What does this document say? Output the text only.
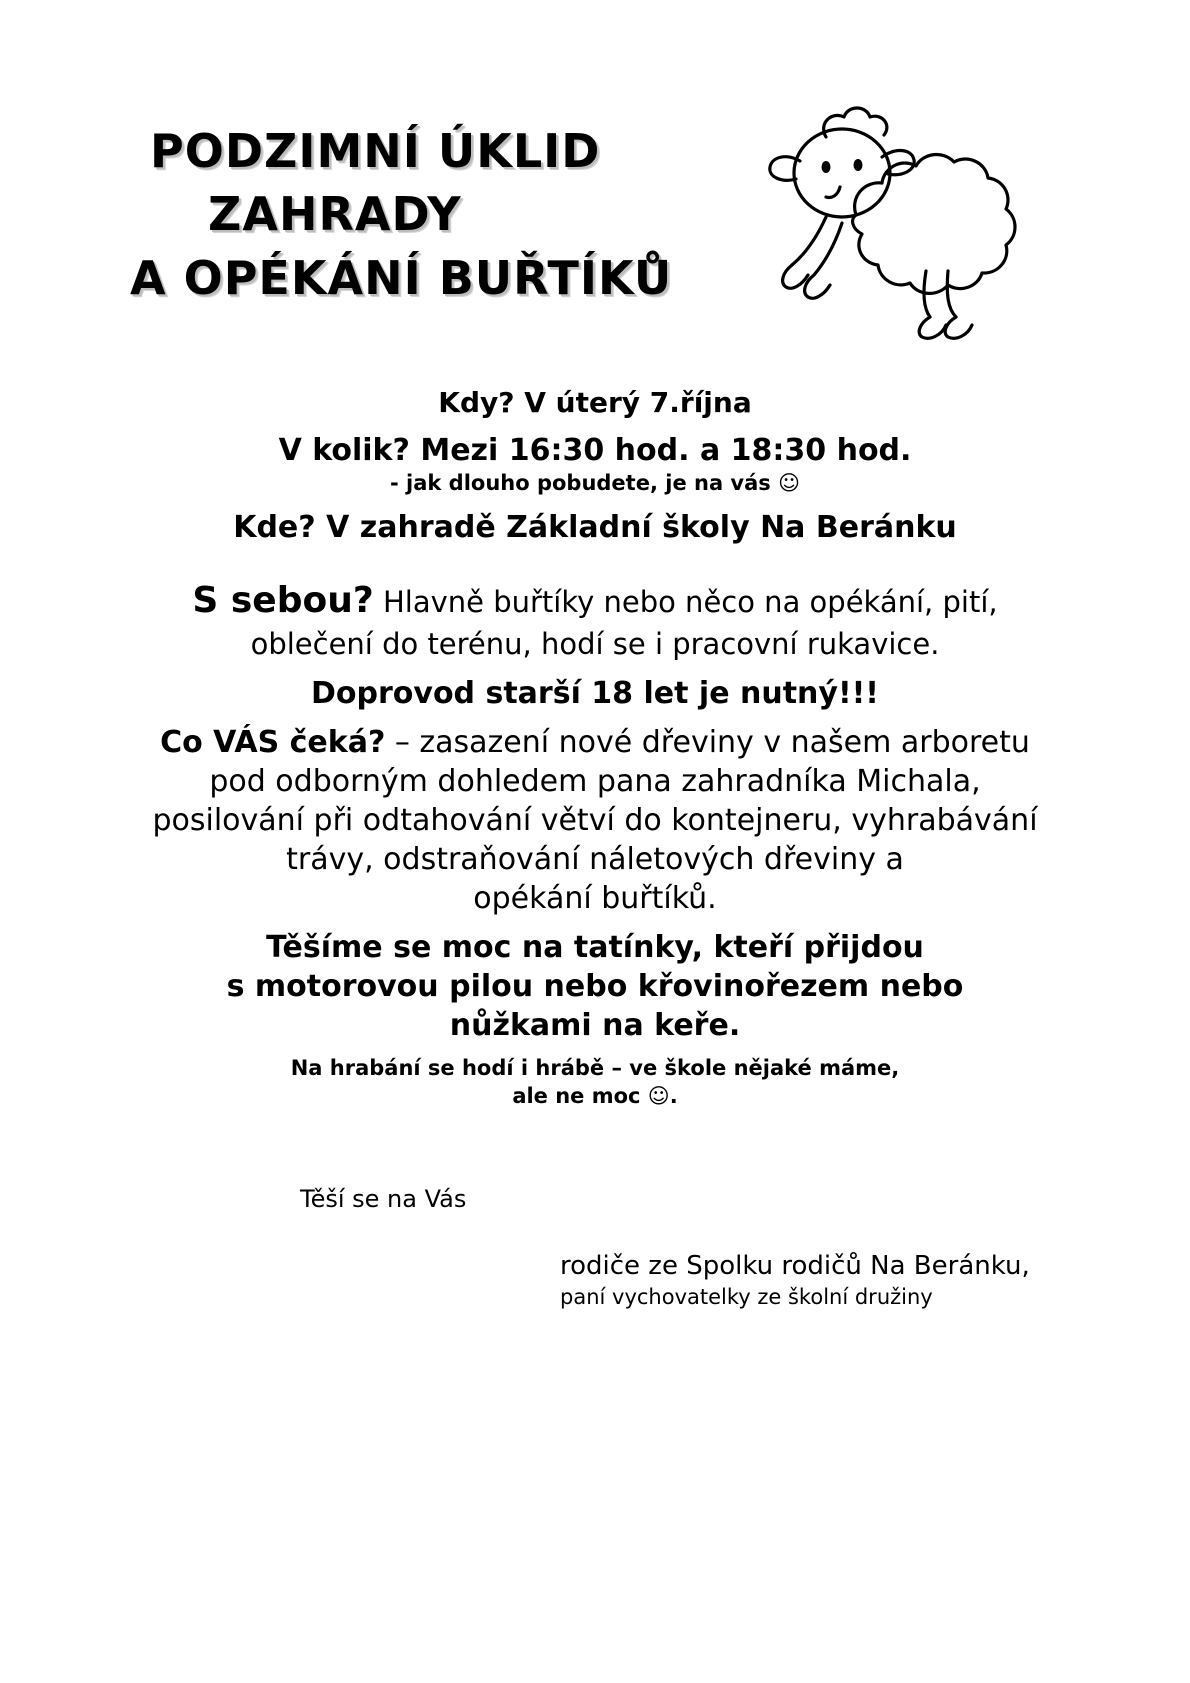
PODZIMNÍ ÚKLID
ZAHRADY
A OPÉKÁNÍ BUŘTÍKŮ
Kdy? V úterý 7.října
V kolik? Mezi 16:30 hod. a 18:30 hod.
- jak dlouho pobudete, je na vás ☺
Kde? V zahradě Základní školy Na Beránku
S sebou? Hlavně buřtíky nebo něco na opékání, pití,
oblečení do terénu, hodí se i pracovní rukavice.
Doprovod starší 18 let je nutný!!!
Co VÁS čeká? – zasazení nové dřeviny v našem arboretu
pod odborným dohledem pana zahradníka Michala,
posilování při odtahování větví do kontejneru, vyhrabávání
trávy, odstraňování náletových dřeviny a
opékání buřtíků.
Těšíme se moc na tatínky, kteří přijdou
s motorovou pilou nebo křovinořezem nebo
nůžkami na keře.
Na hrabání se hodí i hrábě – ve škole nějaké máme,
ale ne moc ☺.
Těší se na Vás
rodiče ze Spolku rodičů Na Beránku,
paní vychovatelky ze školní družiny
